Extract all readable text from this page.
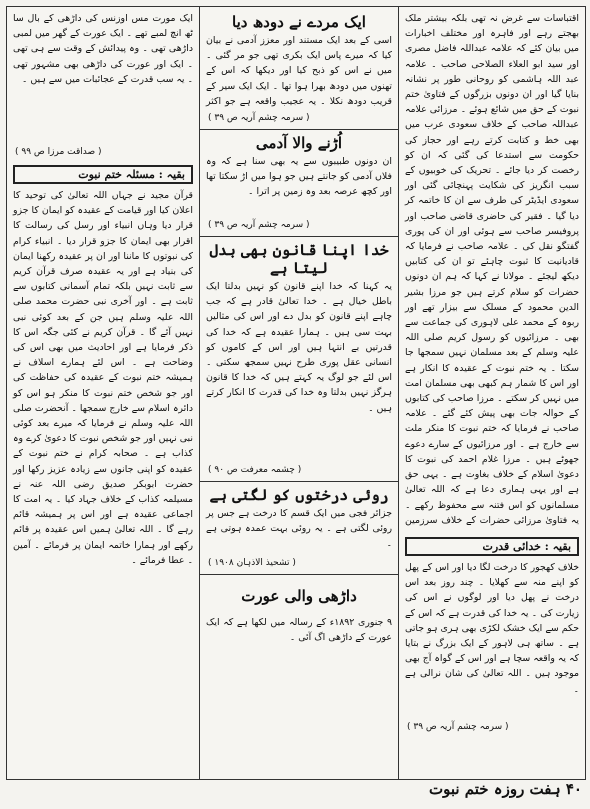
اقتباسات سے غرض نہ تھی بلکہ بیشتر ملک بھجتے رہے اور فاہرہ اور مختلف اخبارات میں بیان کئے کہ علامہ عبداللہ فاضل مصری اور سید ابو العلاء الصلاحی صاحب ۔ علامہ عبد اللہ ہاشمی کو روحانی طور پر نشانہ بنایا گیا اور ان دونوں بزرگوں کے فتاویٰ ختم نبوت کے حق میں شائع ہوئے ۔ مرزائی علامہ عبداللہ صاحب کے خلاف سعودی عرب میں بھی خط و کتابت کرتے رہے اور حجاز کی حکومت سے استدعا کی گئی کہ ان کو رخصت کر دیا جائے ۔ تحریک کی خوبیوں کے سبب انگریز کی شکایت پہنچائی گئی اور سعودی ایڈیٹر کی طرف سے ان کا خاتمہ کر دیا گیا ۔ فقیر کی حاضری قاضی صاحب اور پروفیسر صاحب سے ہوئی اور ان کی پوری گفتگو نقل کی ۔ علامہ صاحب نے فرمایا کہ قادیانیت کا ثبوت چاہئے تو ان کی کتابیں دیکھ لیجئے ۔ مولانا نے کہا کہ ہم ان دونوں حضرات کو سلام کرتے ہیں جو مرزا بشیر الدین محمود کے مسلک سے بیزار تھے اور ربوہ کے محمد علی لاہوری کی جماعت سے بھی ۔ مرزائیوں کو رسول کریم صلی اللہ علیہ وسلم کے بعد مسلمان نہیں سمجھا جا سکتا ۔ یہ ختم نبوت کے عقیدہ کا انکار ہے اور اس کا شمار ہم کبھی بھی مسلمان امت میں نہیں کر سکتے ۔ مرزا صاحب کی کتابوں کے حوالہ جات بھی پیش کئے گئے ۔ علامہ صاحب نے فرمایا کہ ختم نبوت کا منکر ملت سے خارج ہے ۔ اور مرزائیوں کے سارے دعوے جھوٹے ہیں ۔ مرزا غلام احمد کی نبوت کا دعویٰ اسلام کے خلاف بغاوت ہے ۔ یہی حق ہے اور یہی ہماری دعا ہے کہ اللہ تعالیٰ مسلمانوں کو اس فتنہ سے محفوظ رکھے ۔ یہ فتاویٰ مرزائی حضرات کے خلاف سرزمین

بقیہ : خدائی قدرت

خلاف کھجور کا درخت لگا دیا اور اس کے پھل کو اپنے منہ سے کھلایا ۔ چند روز بعد اس درخت نے پھل دیا اور لوگوں نے اس کی زیارت کی ۔ یہ خدا کی قدرت ہے کہ اس کے حکم سے ایک خشک لکڑی بھی ہری ہو جاتی ہے ۔ ساتھ ہی لاہور کے ایک بزرگ نے بتایا کہ یہ واقعہ سچا ہے اور اس کے گواہ آج بھی موجود ہیں ۔ اللہ تعالیٰ کی شان نرالی ہے ۔

( سرمہ چشم آریہ ص ۳۹ )

ایک مردے نے دودھ دیا

اسی کے بعد ایک مستند اور معزز آدمی نے بیان کیا کہ میرے پاس ایک بکری تھی جو مر گئی ۔ میں نے اس کو ذبح کیا اور دیکھا کہ اس کے تھنوں میں دودھ بھرا ہوا تھا ۔ ایک ایک سیر کے قریب دودھ نکلا ۔ یہ عجیب واقعہ ہے جو اکثر

( سرمہ چشم آریہ ص ۳۹ )

اُڑنے والا آدمی

ان دونوں طبیبوں سے یہ بھی سنا ہے کہ وہ فلاں آدمی کو جانتے ہیں جو ہوا میں اڑ سکتا تھا اور کچھ عرصہ بعد وہ زمین پر اترا ۔

( سرمہ چشم آریہ ص ۳۹ )

خدا اپنا قانون بھی بدل لیتا ہے

یہ کہنا کہ خدا اپنے قانون کو نہیں بدلتا ایک باطل خیال ہے ۔ خدا تعالیٰ قادر ہے کہ جب چاہے اپنے قانون کو بدل دے اور اس کی مثالیں بہت سی ہیں ۔ ہمارا عقیدہ ہے کہ خدا کی قدرتیں بے انتہا ہیں اور اس کے کاموں کو انسانی عقل پوری طرح نہیں سمجھ سکتی ۔ اس لئے جو لوگ یہ کہتے ہیں کہ خدا کا قانون ہرگز نہیں بدلتا وہ خدا کی قدرت کا انکار کرتے ہیں ۔

( چشمہ معرفت ص ۹۰ )

روئی درختوں کو لگتی ہے

جزائر فجی میں ایک قسم کا درخت ہے جس پر روئی لگتی ہے ۔ یہ روئی بہت عمدہ ہوتی ہے ۔

( تشحیذ الاذہان ۱۹۰۸ )

داڑھی والی عورت

۹ جنوری ۱۸۹۲ء کے رسالہ میں لکھا ہے کہ ایک عورت کے داڑھی اگ آئی ۔

ایک مورت مس اوزنس کی داڑھی کے بال سا ٹھ انچ لمبے تھے ۔ ایک عورت کے گھر میں لمبی داڑھی تھی ۔ وہ پیدائش کے وقت سے ہی تھی ۔ ایک اور عورت کی داڑھی بھی مشہور تھی ۔ یہ سب قدرت کے عجائبات میں سے ہیں ۔

( صداقت مرزا ص ۹۹ )

بقیہ : مسئلہ ختم نبوت

قرآن مجید نے جہاں اللہ تعالیٰ کی توحید کا اعلان کیا اور قیامت کے عقیدہ کو ایمان کا جزو قرار دیا وہاں انبیاء اور رسل کی رسالت کا اقرار بھی ایمان کا جزو قرار دیا ۔ انبیاء کرام کی نبوتوں کا ماننا اور ان پر عقیدہ رکھنا ایمان کی بنیاد ہے اور یہ عقیدہ صرف قرآن کریم سے ثابت نہیں بلکہ تمام آسمانی کتابوں سے ثابت ہے ۔ اور آخری نبی حضرت محمد صلی اللہ علیہ وسلم ہیں جن کے بعد کوئی نبی نہیں آئے گا ۔ قرآن کریم نے کئی جگہ اس کا ذکر فرمایا ہے اور احادیث میں بھی اس کی وضاحت ہے ۔ اس لئے ہمارے اسلاف نے ہمیشہ ختم نبوت کے عقیدہ کی حفاظت کی اور جو شخص ختم نبوت کا منکر ہو اس کو دائرہ اسلام سے خارج سمجھا ۔ آنحضرت صلی اللہ علیہ وسلم نے فرمایا کہ میرے بعد کوئی نبی نہیں اور جو شخص نبوت کا دعویٰ کرے وہ کذاب ہے ۔ صحابہ کرام نے ختم نبوت کے عقیدہ کو اپنی جانوں سے زیادہ عزیز رکھا اور حضرت ابوبکر صدیق رضی اللہ عنہ نے مسیلمہ کذاب کے خلاف جہاد کیا ۔ یہ امت کا اجماعی عقیدہ ہے اور اس پر ہمیشہ قائم رہے گا ۔ اللہ تعالیٰ ہمیں اس عقیدہ پر قائم رکھے اور ہمارا خاتمہ ایمان پر فرمائے ۔ آمین ۔ عطا فرمائے ۔

۴۰ ہفت روزہ ختم نبوت
